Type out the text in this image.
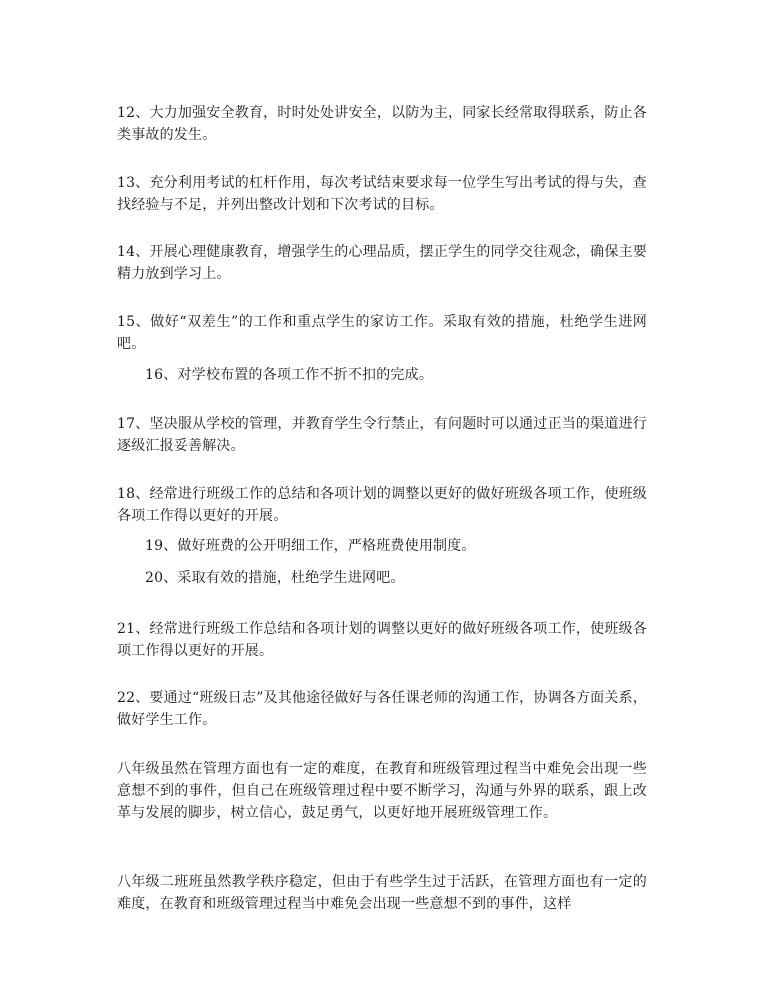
12、大力加强安全教育，时时处处讲安全，以防为主，同家长经常取得联系，防止各类事故的发生。

13、充分利用考试的杠杆作用，每次考试结束要求每一位学生写出考试的得与失，查找经验与不足，并列出整改计划和下次考试的目标。

14、开展心理健康教育，增强学生的心理品质，摆正学生的同学交往观念，确保主要精力放到学习上。

15、做好“双差生”的工作和重点学生的家访工作。采取有效的措施，杜绝学生进网吧。

16、对学校布置的各项工作不折不扣的完成。

17、坚决服从学校的管理，并教育学生令行禁止，有问题时可以通过正当的渠道进行逐级汇报妥善解决。

18、经常进行班级工作的总结和各项计划的调整以更好的做好班级各项工作，使班级各项工作得以更好的开展。

19、做好班费的公开明细工作，严格班费使用制度。

20、采取有效的措施，杜绝学生进网吧。

21、经常进行班级工作总结和各项计划的调整以更好的做好班级各项工作，使班级各项工作得以更好的开展。

22、要通过“班级日志”及其他途径做好与各任课老师的沟通工作，协调各方面关系，做好学生工作。

八年级虽然在管理方面也有一定的难度，在教育和班级管理过程当中难免会出现一些意想不到的事件，但自己在班级管理过程中要不断学习，沟通与外界的联系，跟上改革与发展的脚步，树立信心，鼓足勇气，以更好地开展班级管理工作。

八年级二班班虽然教学秩序稳定，但由于有些学生过于活跃，在管理方面也有一定的难度，在教育和班级管理过程当中难免会出现一些意想不到的事件，这样
